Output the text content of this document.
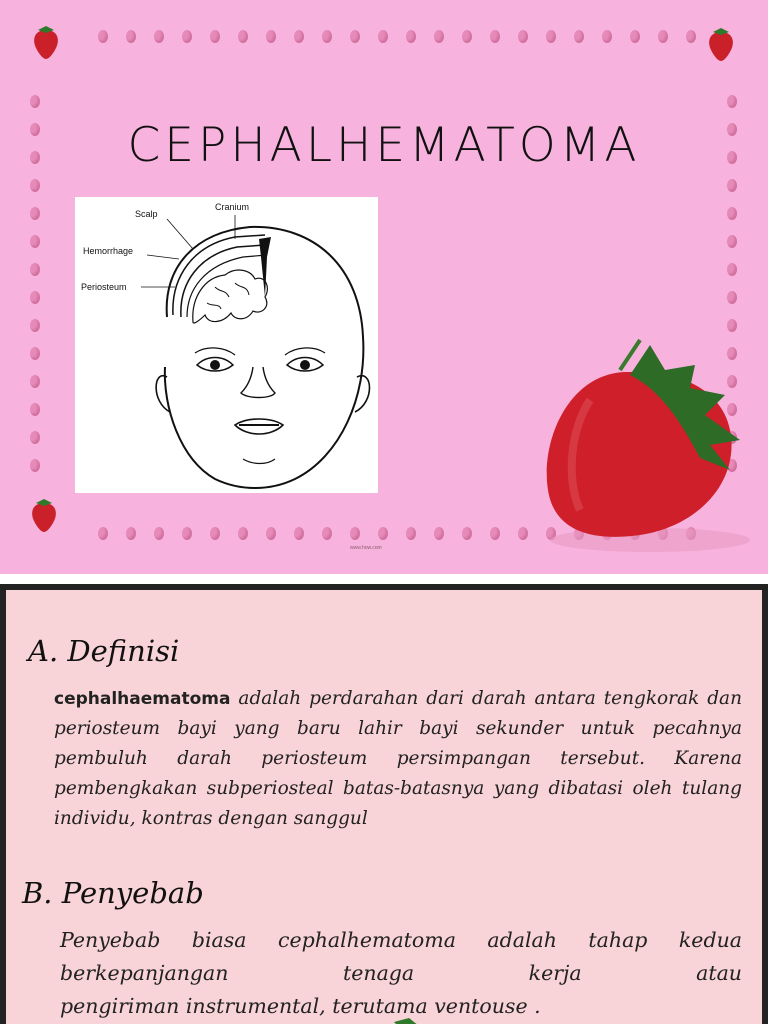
CEPHALHEMATOMA
Scalp
Cranium
Hemorrhage
Periosteum
www.how.com
A. Definisi
cephalhaematoma adalah perdarahan dari darah antara tengkorak dan periosteum bayi yang baru lahir bayi sekunder untuk pecahnya pembuluh darah periosteum persimpangan tersebut. Karena pembengkakan subperiosteal batas-batasnya yang dibatasi oleh tulang individu, kontras dengan sanggul
B. Penyebab
Penyebab biasa cephalhematoma adalah tahap kedua berkepanjangan tenaga kerja atau
pengiriman instrumental, terutama ventouse .
